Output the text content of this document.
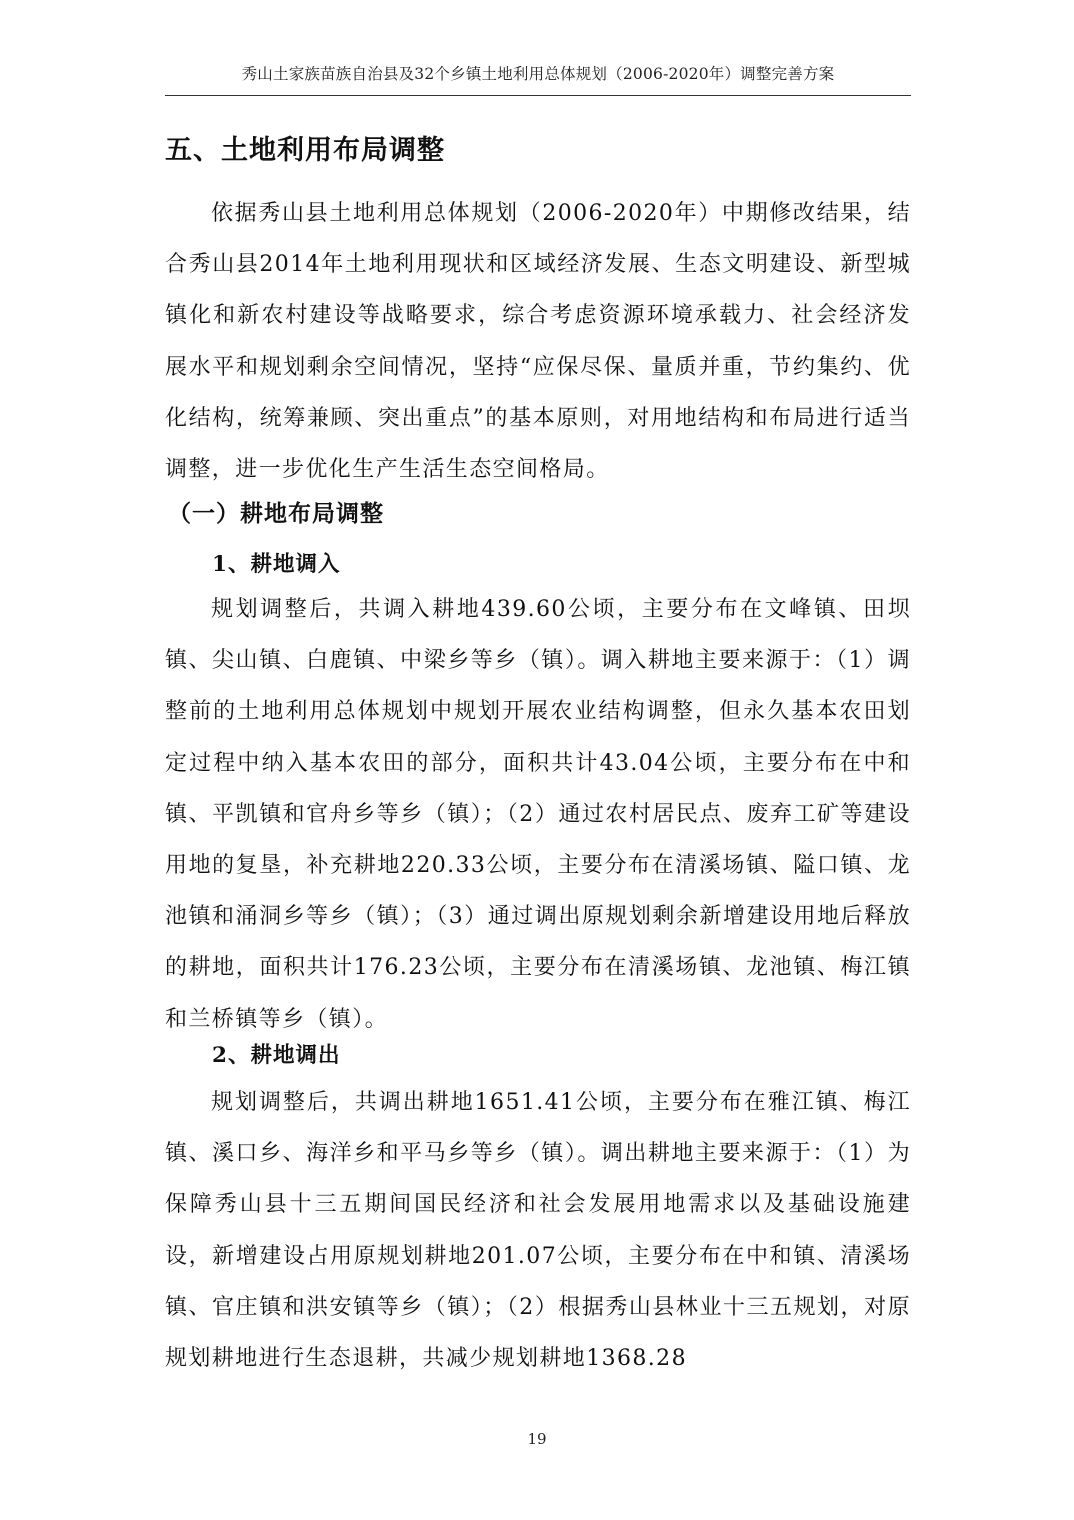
秀山土家族苗族自治县及32个乡镇土地利用总体规划（2006-2020年）调整完善方案
五、土地利用布局调整

依据秀山县土地利用总体规划（2006-2020年）中期修改结果，结合秀山县2014年土地利用现状和区域经济发展、生态文明建设、新型城镇化和新农村建设等战略要求，综合考虑资源环境承载力、社会经济发展水平和规划剩余空间情况，坚持“应保尽保、量质并重，节约集约、优化结构，统筹兼顾、突出重点”的基本原则，对用地结构和布局进行适当调整，进一步优化生产生活生态空间格局。

（一）耕地布局调整
1、耕地调入

规划调整后，共调入耕地439.60公顷，主要分布在文峰镇、田坝镇、尖山镇、白鹿镇、中梁乡等乡（镇）。调入耕地主要来源于：（1）调整前的土地利用总体规划中规划开展农业结构调整，但永久基本农田划定过程中纳入基本农田的部分，面积共计43.04公顷，主要分布在中和镇、平凯镇和官舟乡等乡（镇）；（2）通过农村居民点、废弃工矿等建设用地的复垦，补充耕地220.33公顷，主要分布在清溪场镇、隘口镇、龙池镇和涌洞乡等乡（镇）；（3）通过调出原规划剩余新增建设用地后释放的耕地，面积共计176.23公顷，主要分布在清溪场镇、龙池镇、梅江镇和兰桥镇等乡（镇）。

2、耕地调出

规划调整后，共调出耕地1651.41公顷，主要分布在雅江镇、梅江镇、溪口乡、海洋乡和平马乡等乡（镇）。调出耕地主要来源于：（1）为保障秀山县十三五期间国民经济和社会发展用地需求以及基础设施建设，新增建设占用原规划耕地201.07公顷，主要分布在中和镇、清溪场镇、官庄镇和洪安镇等乡（镇）；（2）根据秀山县林业十三五规划，对原规划耕地进行生态退耕，共减少规划耕地1368.28

19
